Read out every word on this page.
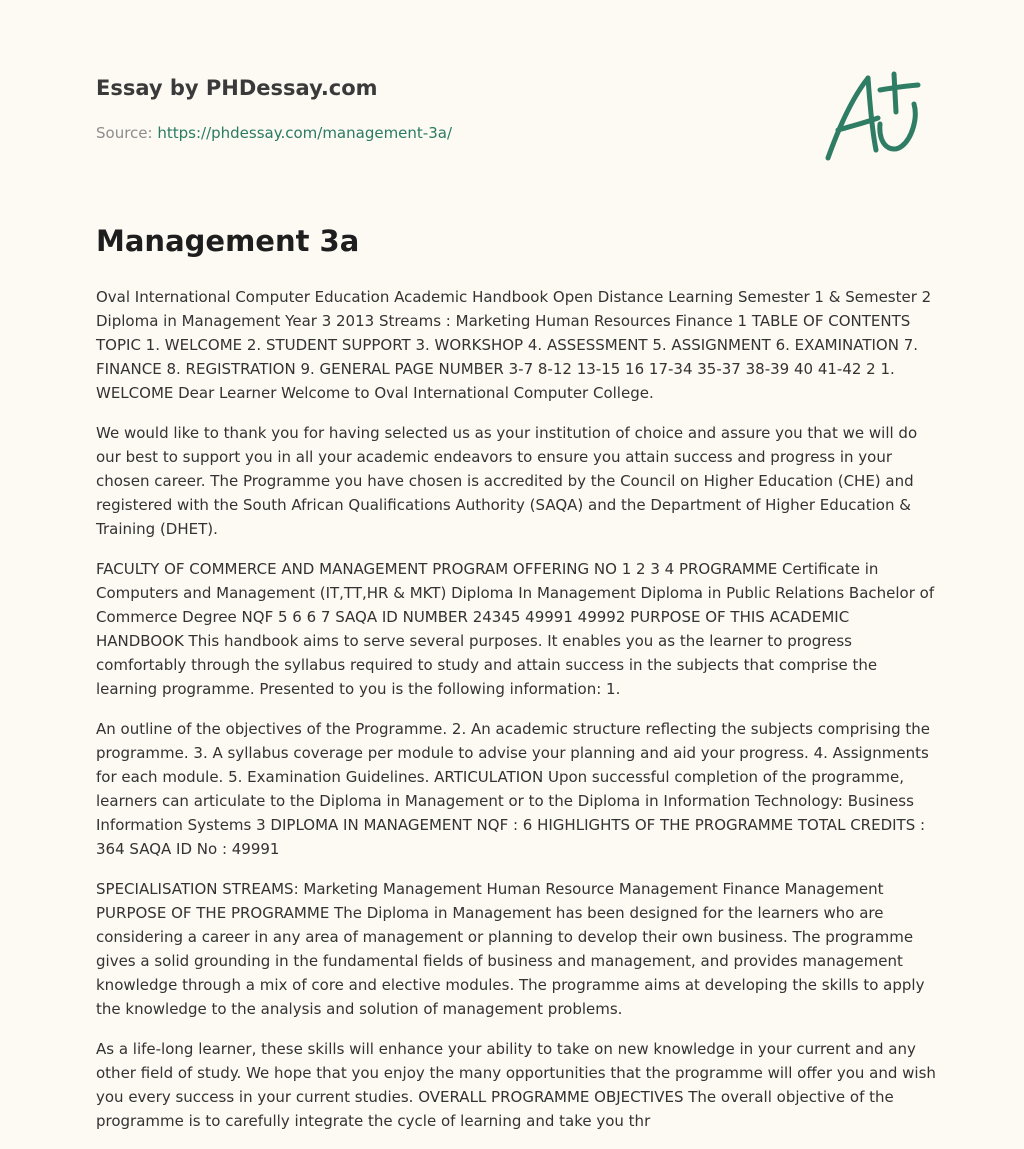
Essay by PHDessay.com

Source: https://phdessay.com/management-3a/

Management 3a

Oval International Computer Education Academic Handbook Open Distance Learning Semester 1 & Semester 2 Diploma in Management Year 3 2013 Streams : Marketing Human Resources Finance 1 TABLE OF CONTENTS TOPIC 1. WELCOME 2. STUDENT SUPPORT 3. WORKSHOP 4. ASSESSMENT 5. ASSIGNMENT 6. EXAMINATION 7. FINANCE 8. REGISTRATION 9. GENERAL PAGE NUMBER 3-7 8-12 13-15 16 17-34 35-37 38-39 40 41-42 2 1. WELCOME Dear Learner Welcome to Oval International Computer College.

We would like to thank you for having selected us as your institution of choice and assure you that we will do our best to support you in all your academic endeavors to ensure you attain success and progress in your chosen career. The Programme you have chosen is accredited by the Council on Higher Education (CHE) and registered with the South African Qualifications Authority (SAQA) and the Department of Higher Education & Training (DHET).

FACULTY OF COMMERCE AND MANAGEMENT PROGRAM OFFERING NO 1 2 3 4 PROGRAMME Certificate in Computers and Management (IT,TT,HR & MKT) Diploma In Management Diploma in Public Relations Bachelor of Commerce Degree NQF 5 6 6 7 SAQA ID NUMBER 24345 49991 49992 PURPOSE OF THIS ACADEMIC HANDBOOK This handbook aims to serve several purposes. It enables you as the learner to progress comfortably through the syllabus required to study and attain success in the subjects that comprise the learning programme. Presented to you is the following information: 1.

An outline of the objectives of the Programme. 2. An academic structure reflecting the subjects comprising the programme. 3. A syllabus coverage per module to advise your planning and aid your progress. 4. Assignments for each module. 5. Examination Guidelines. ARTICULATION Upon successful completion of the programme, learners can articulate to the Diploma in Management or to the Diploma in Information Technology: Business Information Systems 3 DIPLOMA IN MANAGEMENT NQF : 6 HIGHLIGHTS OF THE PROGRAMME TOTAL CREDITS : 364 SAQA ID No : 49991

SPECIALISATION STREAMS: Marketing Management Human Resource Management Finance Management PURPOSE OF THE PROGRAMME The Diploma in Management has been designed for the learners who are considering a career in any area of management or planning to develop their own business. The programme gives a solid grounding in the fundamental fields of business and management, and provides management knowledge through a mix of core and elective modules. The programme aims at developing the skills to apply the knowledge to the analysis and solution of management problems.

As a life-long learner, these skills will enhance your ability to take on new knowledge in your current and any other field of study. We hope that you enjoy the many opportunities that the programme will offer you and wish you every success in your current studies. OVERALL PROGRAMME OBJECTIVES The overall objective of the programme is to carefully integrate the cycle of learning and take you thr
